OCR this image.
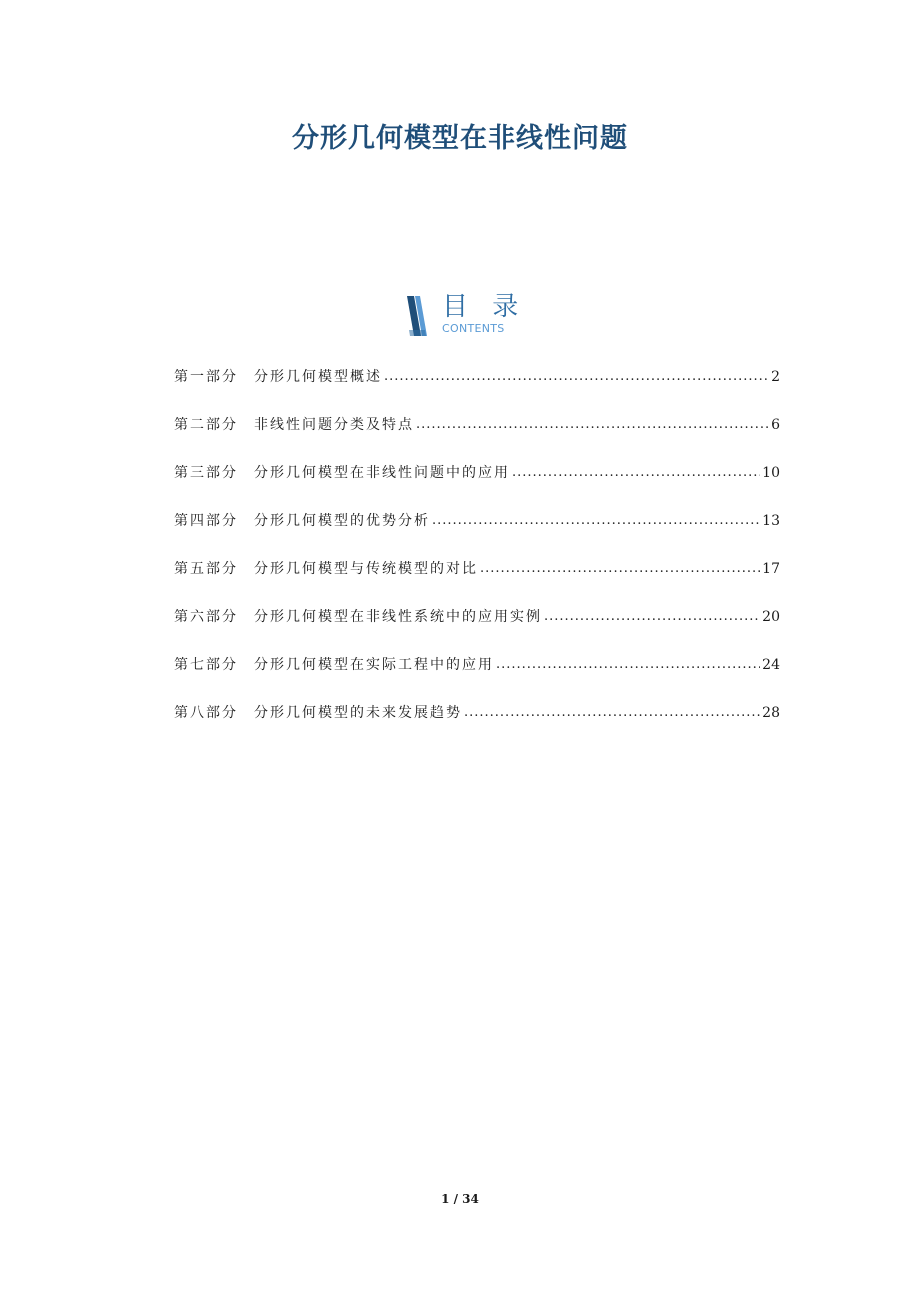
分形几何模型在非线性问题
目 录
CONTENTS
第一部分	分形几何模型概述 .....	2
第二部分	非线性问题分类及特点 .....	6
第三部分	分形几何模型在非线性问题中的应用 .....	10
第四部分	分形几何模型的优势分析 .....	13
第五部分	分形几何模型与传统模型的对比 .....	17
第六部分	分形几何模型在非线性系统中的应用实例 .....	20
第七部分	分形几何模型在实际工程中的应用 .....	24
第八部分	分形几何模型的未来发展趋势 .....	28
1 / 34
